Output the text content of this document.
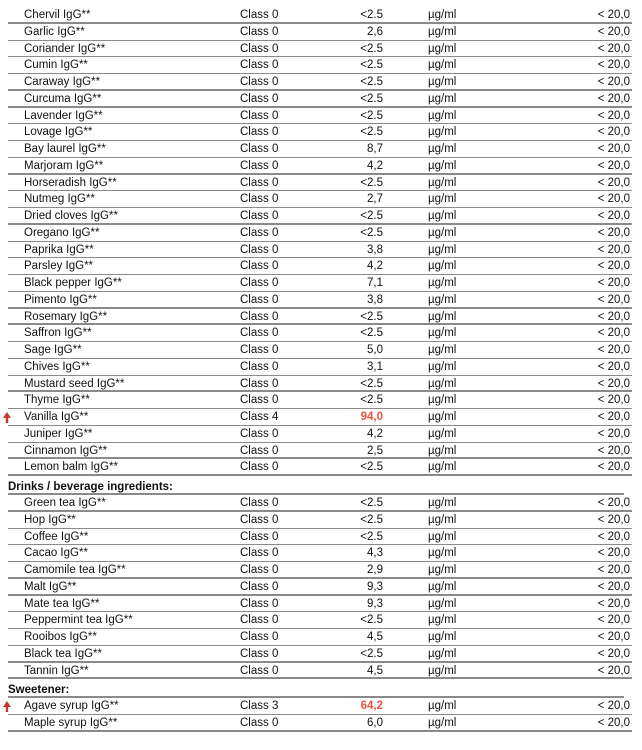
Chervil IgG**	Class 0	<2.5	µg/ml	< 20,0
Garlic IgG**	Class 0	2,6	µg/ml	< 20,0
Coriander IgG**	Class 0	<2.5	µg/ml	< 20,0
Cumin IgG**	Class 0	<2.5	µg/ml	< 20,0
Caraway IgG**	Class 0	<2.5	µg/ml	< 20,0
Curcuma IgG**	Class 0	<2.5	µg/ml	< 20,0
Lavender IgG**	Class 0	<2.5	µg/ml	< 20,0
Lovage IgG**	Class 0	<2.5	µg/ml	< 20,0
Bay laurel IgG**	Class 0	8,7	µg/ml	< 20,0
Marjoram IgG**	Class 0	4,2	µg/ml	< 20,0
Horseradish IgG**	Class 0	<2.5	µg/ml	< 20,0
Nutmeg IgG**	Class 0	2,7	µg/ml	< 20,0
Dried cloves IgG**	Class 0	<2.5	µg/ml	< 20,0
Oregano IgG**	Class 0	<2.5	µg/ml	< 20,0
Paprika IgG**	Class 0	3,8	µg/ml	< 20,0
Parsley IgG**	Class 0	4,2	µg/ml	< 20,0
Black pepper IgG**	Class 0	7,1	µg/ml	< 20,0
Pimento IgG**	Class 0	3,8	µg/ml	< 20,0
Rosemary IgG**	Class 0	<2.5	µg/ml	< 20,0
Saffron IgG**	Class 0	<2.5	µg/ml	< 20,0
Sage IgG**	Class 0	5,0	µg/ml	< 20,0
Chives IgG**	Class 0	3,1	µg/ml	< 20,0
Mustard seed IgG**	Class 0	<2.5	µg/ml	< 20,0
Thyme IgG**	Class 0	<2.5	µg/ml	< 20,0
Vanilla IgG**	Class 4	94,0	µg/ml	< 20,0
Juniper IgG**	Class 0	4,2	µg/ml	< 20,0
Cinnamon IgG**	Class 0	2,5	µg/ml	< 20,0
Lemon balm IgG**	Class 0	<2.5	µg/ml	< 20,0
Drinks / beverage ingredients:
Green tea IgG**	Class 0	<2.5	µg/ml	< 20,0
Hop IgG**	Class 0	<2.5	µg/ml	< 20,0
Coffee IgG**	Class 0	<2.5	µg/ml	< 20,0
Cacao IgG**	Class 0	4,3	µg/ml	< 20,0
Camomile tea IgG**	Class 0	2,9	µg/ml	< 20,0
Malt IgG**	Class 0	9,3	µg/ml	< 20,0
Mate tea IgG**	Class 0	9,3	µg/ml	< 20,0
Peppermint tea IgG**	Class 0	<2.5	µg/ml	< 20,0
Rooibos IgG**	Class 0	4,5	µg/ml	< 20,0
Black tea IgG**	Class 0	<2.5	µg/ml	< 20,0
Tannin IgG**	Class 0	4,5	µg/ml	< 20,0
Sweetener:
Agave syrup IgG**	Class 3	64,2	µg/ml	< 20,0
Maple syrup IgG**	Class 0	6,0	µg/ml	< 20,0
